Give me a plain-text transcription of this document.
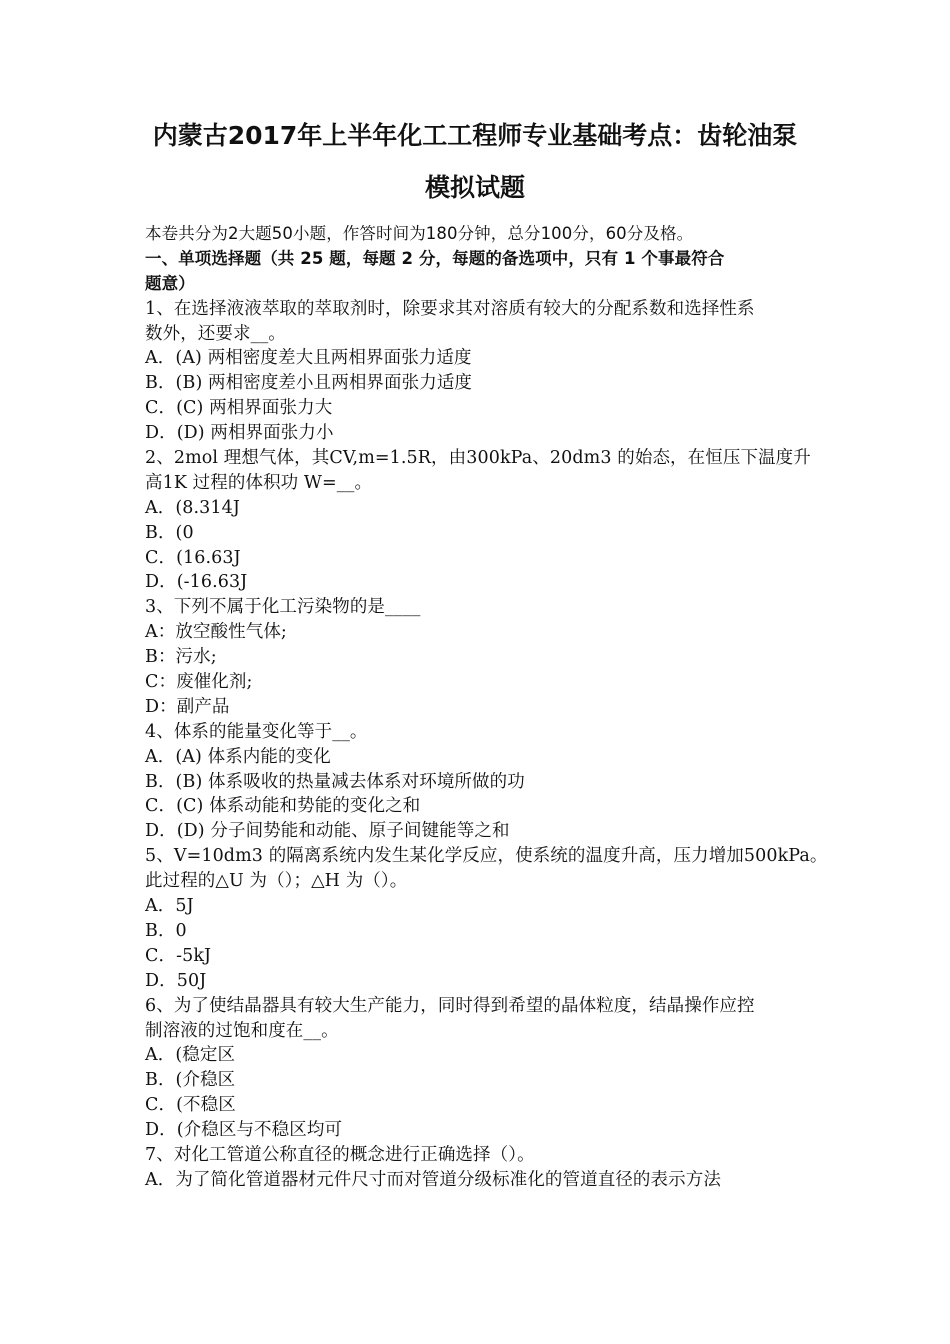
内蒙古2017年上半年化工工程师专业基础考点：齿轮油泵
模拟试题
本卷共分为2大题50小题，作答时间为180分钟，总分100分，60分及格。
一、单项选择题（共 25 题，每题 2 分，每题的备选项中，只有 1 个事最符合
题意）
1、在选择液液萃取的萃取剂时，除要求其对溶质有较大的分配系数和选择性系
数外，还要求__。
A．(A) 两相密度差大且两相界面张力适度
B．(B) 两相密度差小且两相界面张力适度
C．(C) 两相界面张力大
D．(D) 两相界面张力小
2、2mol 理想气体，其CV,m=1.5R，由300kPa、20dm3 的始态，在恒压下温度升
高1K 过程的体积功 W=__。
A．(8.314J
B．(0
C．(16.63J
D．(-16.63J
3、下列不属于化工污染物的是____
A：放空酸性气体;
B：污水;
C：废催化剂;
D：副产品
4、体系的能量变化等于__。
A．(A) 体系内能的变化
B．(B) 体系吸收的热量减去体系对环境所做的功
C．(C) 体系动能和势能的变化之和
D．(D) 分子间势能和动能、原子间键能等之和
5、V=10dm3 的隔离系统内发生某化学反应，使系统的温度升高，压力增加500kPa。
此过程的△U 为（）；△H 为（）。
A．5J
B．0
C．-5kJ
D．50J
6、为了使结晶器具有较大生产能力，同时得到希望的晶体粒度，结晶操作应控
制溶液的过饱和度在__。
A．(稳定区
B．(介稳区
C．(不稳区
D．(介稳区与不稳区均可
7、对化工管道公称直径的概念进行正确选择（）。
A．为了简化管道器材元件尺寸而对管道分级标准化的管道直径的表示方法
